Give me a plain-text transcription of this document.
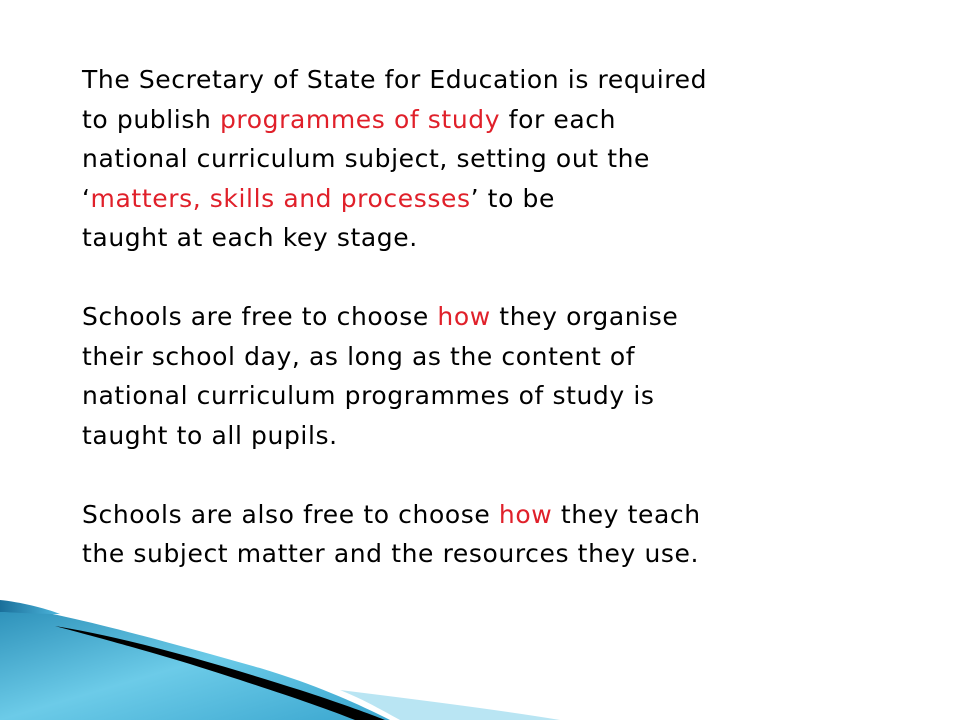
The Secretary of State for Education is required
to publish programmes of study for each
national curriculum subject, setting out the
‘matters, skills and processes’ to be
taught at each key stage.
Schools are free to choose how they organise
their school day, as long as the content of
national curriculum programmes of study is
taught to all pupils.
Schools are also free to choose how they teach
the subject matter and the resources they use.
